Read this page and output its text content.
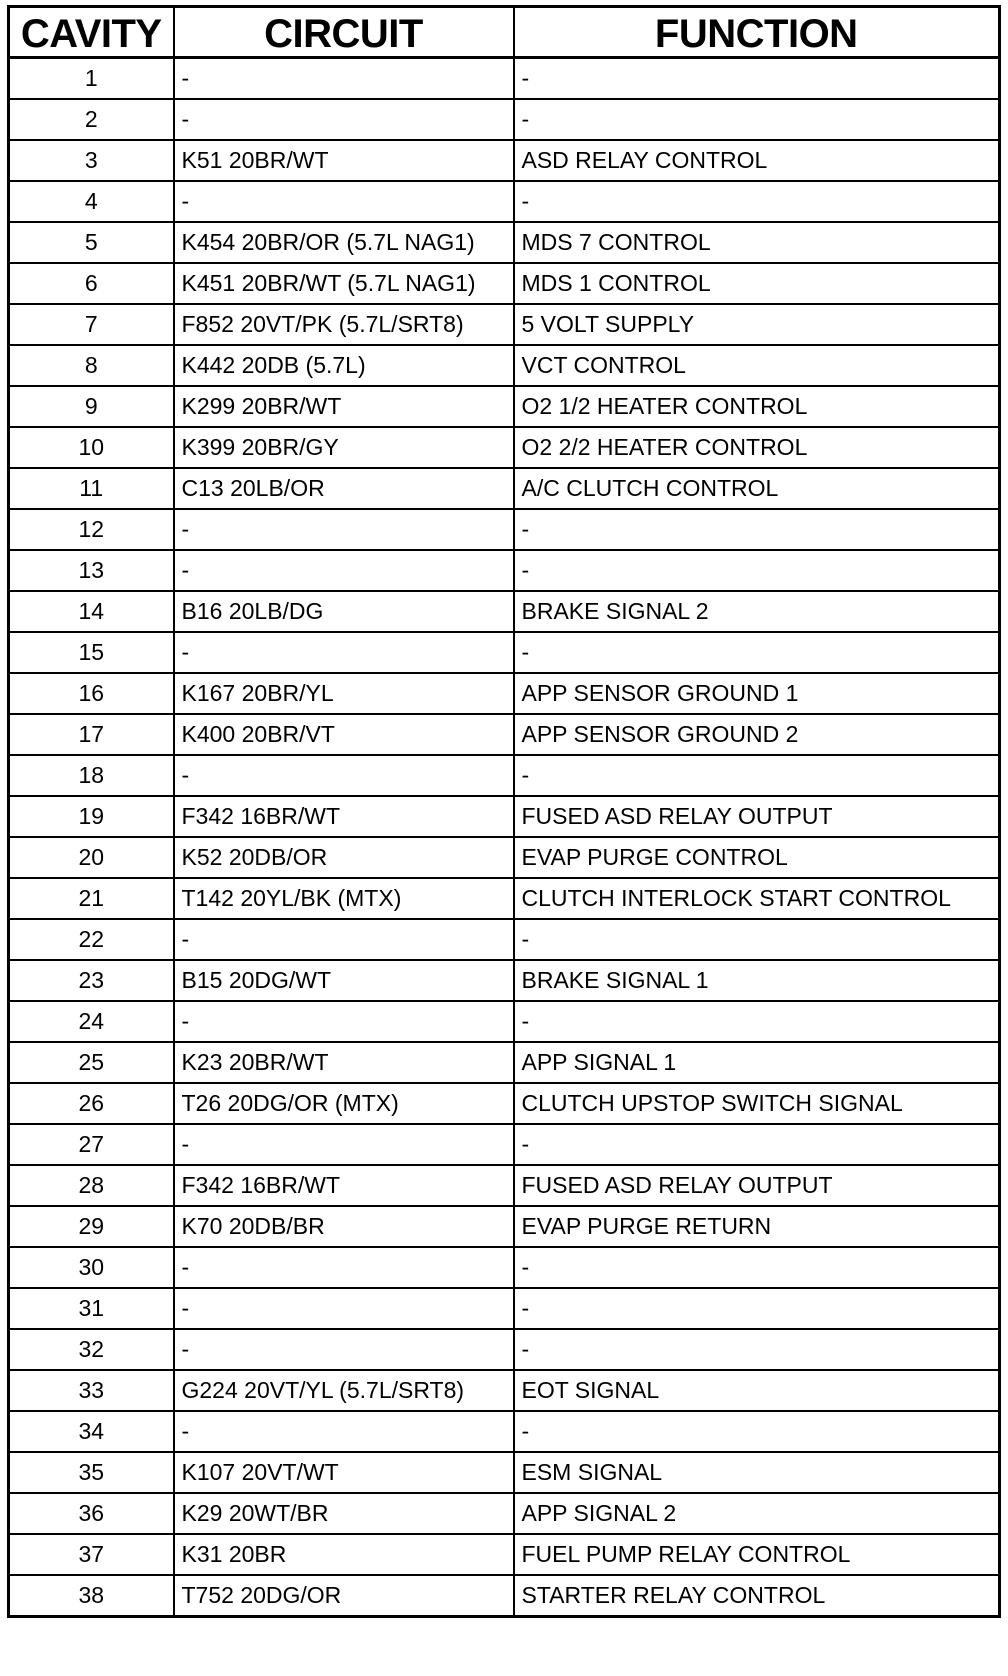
CAVITY	CIRCUIT	FUNCTION
1	-	-
2	-	-
3	K51 20BR/WT	ASD RELAY CONTROL
4	-	-
5	K454 20BR/OR (5.7L NAG1)	MDS 7 CONTROL
6	K451 20BR/WT (5.7L NAG1)	MDS 1 CONTROL
7	F852 20VT/PK (5.7L/SRT8)	5 VOLT SUPPLY
8	K442 20DB (5.7L)	VCT CONTROL
9	K299 20BR/WT	O2 1/2 HEATER CONTROL
10	K399 20BR/GY	O2 2/2 HEATER CONTROL
11	C13 20LB/OR	A/C CLUTCH CONTROL
12	-	-
13	-	-
14	B16 20LB/DG	BRAKE SIGNAL 2
15	-	-
16	K167 20BR/YL	APP SENSOR GROUND 1
17	K400 20BR/VT	APP SENSOR GROUND 2
18	-	-
19	F342 16BR/WT	FUSED ASD RELAY OUTPUT
20	K52 20DB/OR	EVAP PURGE CONTROL
21	T142 20YL/BK (MTX)	CLUTCH INTERLOCK START CONTROL
22	-	-
23	B15 20DG/WT	BRAKE SIGNAL 1
24	-	-
25	K23 20BR/WT	APP SIGNAL 1
26	T26 20DG/OR (MTX)	CLUTCH UPSTOP SWITCH SIGNAL
27	-	-
28	F342 16BR/WT	FUSED ASD RELAY OUTPUT
29	K70 20DB/BR	EVAP PURGE RETURN
30	-	-
31	-	-
32	-	-
33	G224 20VT/YL (5.7L/SRT8)	EOT SIGNAL
34	-	-
35	K107 20VT/WT	ESM SIGNAL
36	K29 20WT/BR	APP SIGNAL 2
37	K31 20BR	FUEL PUMP RELAY CONTROL
38	T752 20DG/OR	STARTER RELAY CONTROL
